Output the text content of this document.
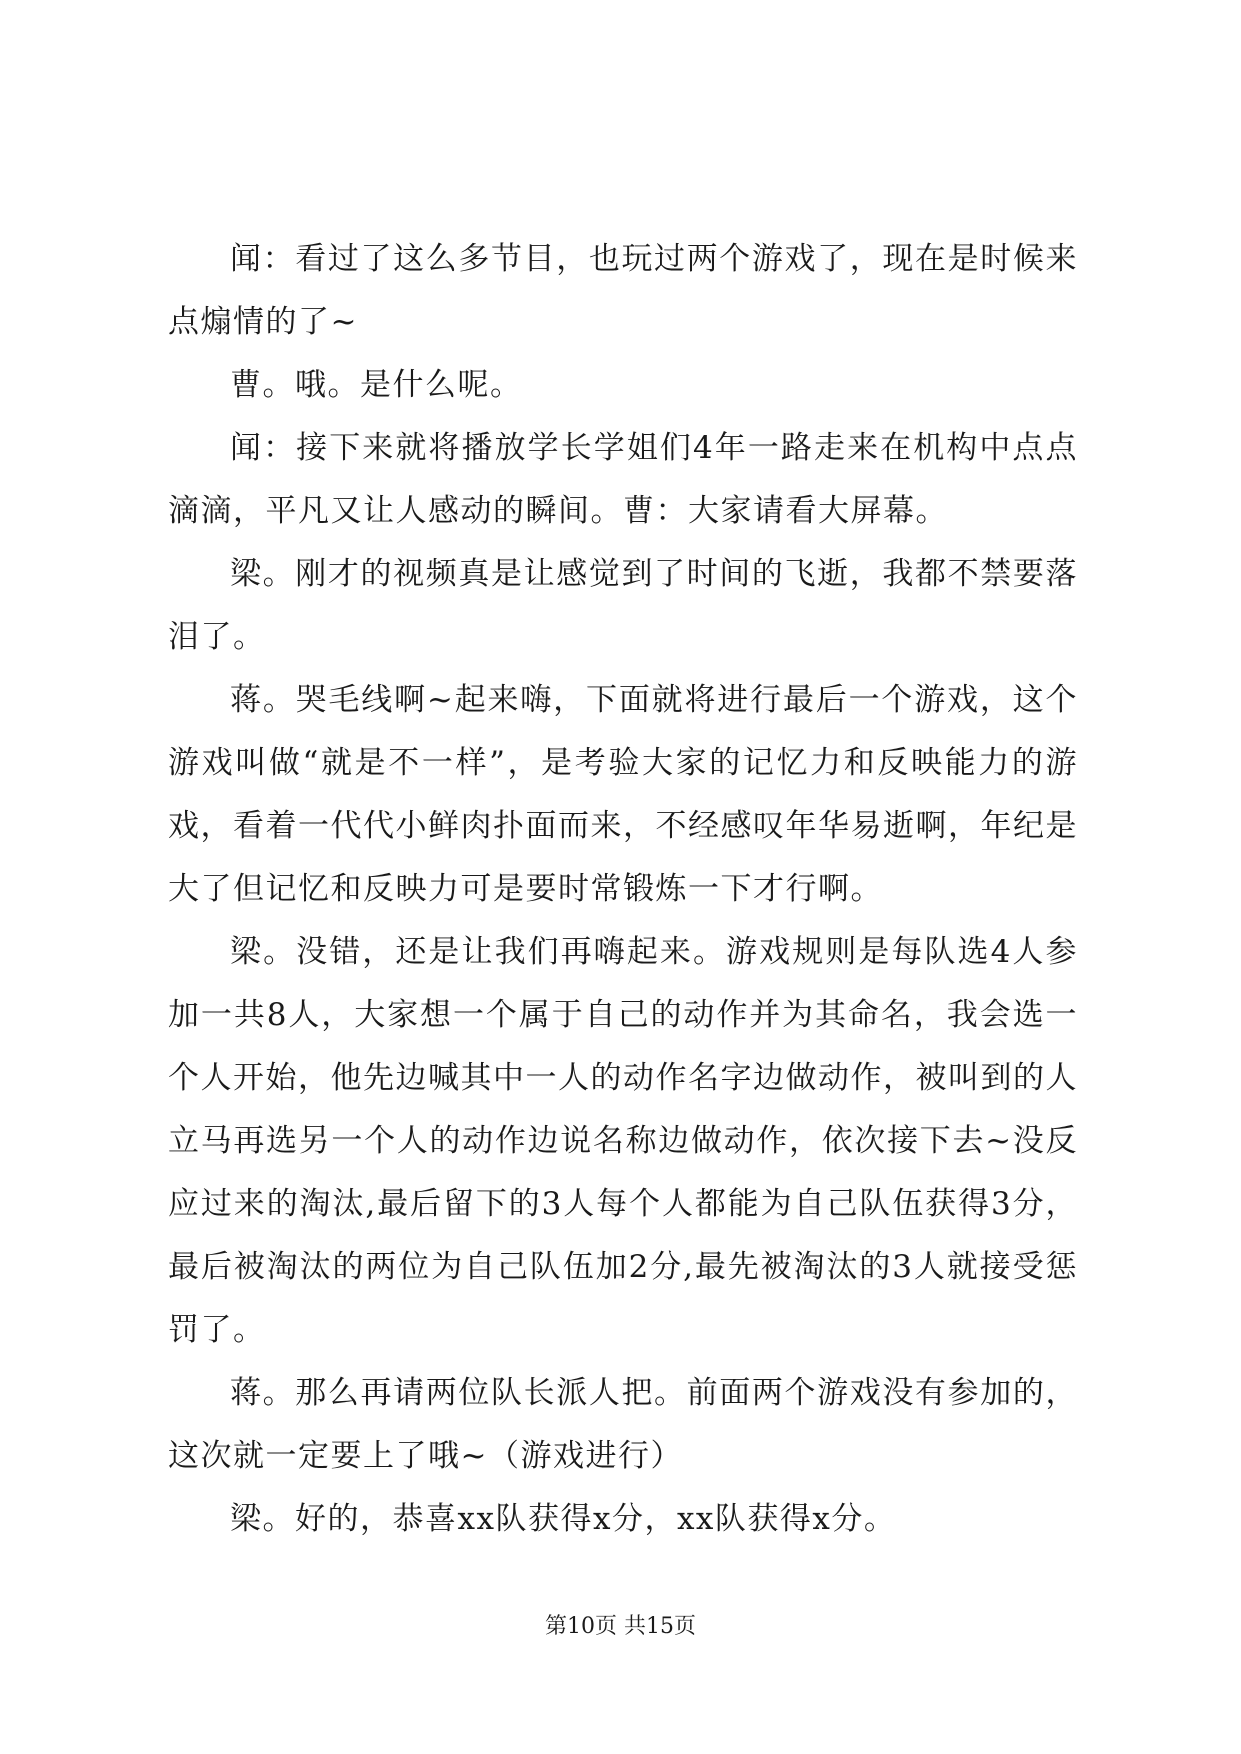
闻：看过了这么多节目，也玩过两个游戏了，现在是时候来点煽情的了~

曹。哦。是什么呢。

闻：接下来就将播放学长学姐们4年一路走来在机构中点点滴滴，平凡又让人感动的瞬间。曹：大家请看大屏幕。

梁。刚才的视频真是让感觉到了时间的飞逝，我都不禁要落泪了。

蒋。哭毛线啊~起来嗨，下面就将进行最后一个游戏，这个游戏叫做“就是不一样”，是考验大家的记忆力和反映能力的游戏，看着一代代小鲜肉扑面而来，不经感叹年华易逝啊，年纪是大了但记忆和反映力可是要时常锻炼一下才行啊。

梁。没错，还是让我们再嗨起来。游戏规则是每队选4人参加一共8人，大家想一个属于自己的动作并为其命名，我会选一个人开始，他先边喊其中一人的动作名字边做动作，被叫到的人立马再选另一个人的动作边说名称边做动作，依次接下去~没反应过来的淘汰,最后留下的3人每个人都能为自己队伍获得3分，最后被淘汰的两位为自己队伍加2分,最先被淘汰的3人就接受惩罚了。

蒋。那么再请两位队长派人把。前面两个游戏没有参加的，这次就一定要上了哦~（游戏进行）

梁。好的，恭喜xx队获得x分，xx队获得x分。

第10页 共15页
